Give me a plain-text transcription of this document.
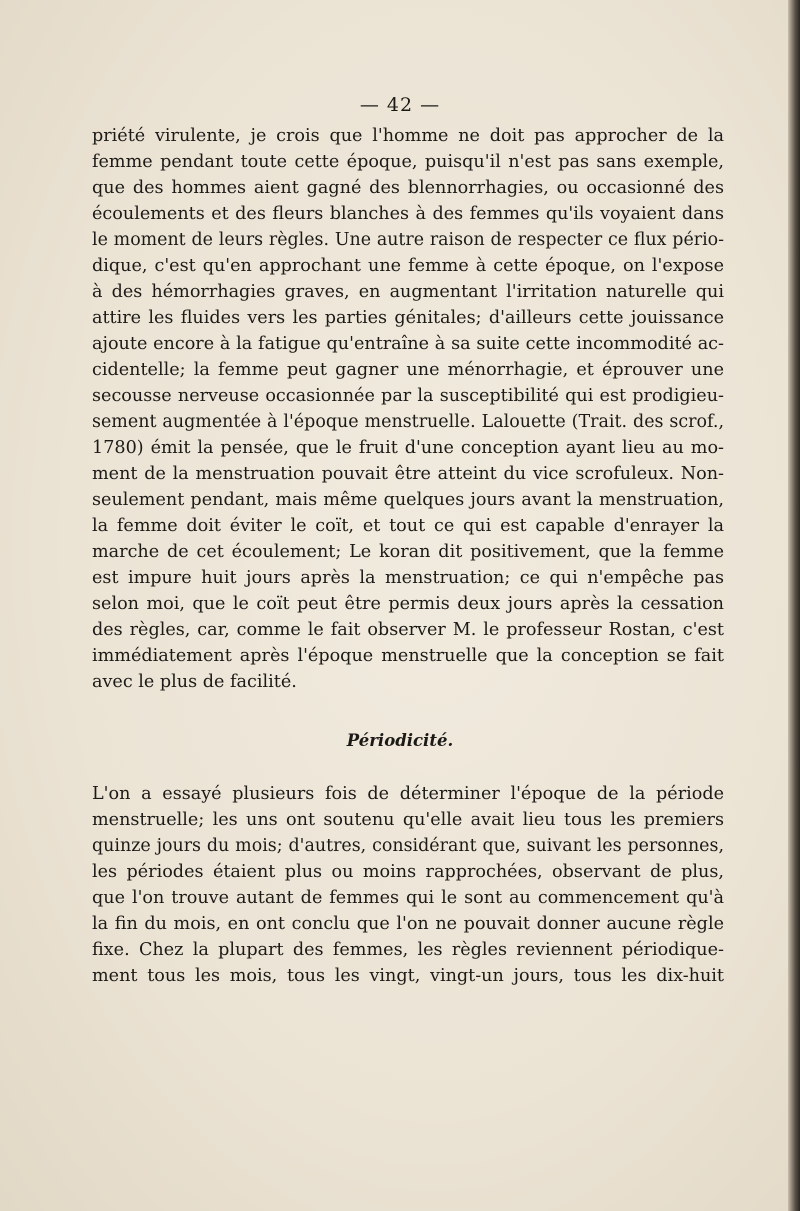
— 42 —
priété virulente, je crois que l'homme ne doit pas approcher de la
femme pendant toute cette époque, puisqu'il n'est pas sans exemple,
que des hommes aient gagné des blennorrhagies, ou occasionné des
écoulements et des fleurs blanches à des femmes qu'ils voyaient dans
le moment de leurs règles. Une autre raison de respecter ce flux pério-
dique, c'est qu'en approchant une femme à cette époque, on l'expose
à des hémorrhagies graves, en augmentant l'irritation naturelle qui
attire les fluides vers les parties génitales; d'ailleurs cette jouissance
ajoute encore à la fatigue qu'entraîne à sa suite cette incommodité ac-
cidentelle; la femme peut gagner une ménorrhagie, et éprouver une
secousse nerveuse occasionnée par la susceptibilité qui est prodigieu-
sement augmentée à l'époque menstruelle. Lalouette (Trait. des scrof.,
1780) émit la pensée, que le fruit d'une conception ayant lieu au mo-
ment de la menstruation pouvait être atteint du vice scrofuleux. Non-
seulement pendant, mais même quelques jours avant la menstruation,
la femme doit éviter le coït, et tout ce qui est capable d'enrayer la
marche de cet écoulement; Le koran dit positivement, que la femme
est impure huit jours après la menstruation; ce qui n'empêche pas
selon moi, que le coït peut être permis deux jours après la cessation
des règles, car, comme le fait observer M. le professeur Rostan, c'est
immédiatement après l'époque menstruelle que la conception se fait
avec le plus de facilité.
Périodicité.
L'on a essayé plusieurs fois de déterminer l'époque de la période
menstruelle; les uns ont soutenu qu'elle avait lieu tous les premiers
quinze jours du mois; d'autres, considérant que, suivant les personnes,
les périodes étaient plus ou moins rapprochées, observant de plus,
que l'on trouve autant de femmes qui le sont au commencement qu'à
la fin du mois, en ont conclu que l'on ne pouvait donner aucune règle
fixe. Chez la plupart des femmes, les règles reviennent périodique-
ment tous les mois, tous les vingt, vingt-un jours, tous les dix-huit
